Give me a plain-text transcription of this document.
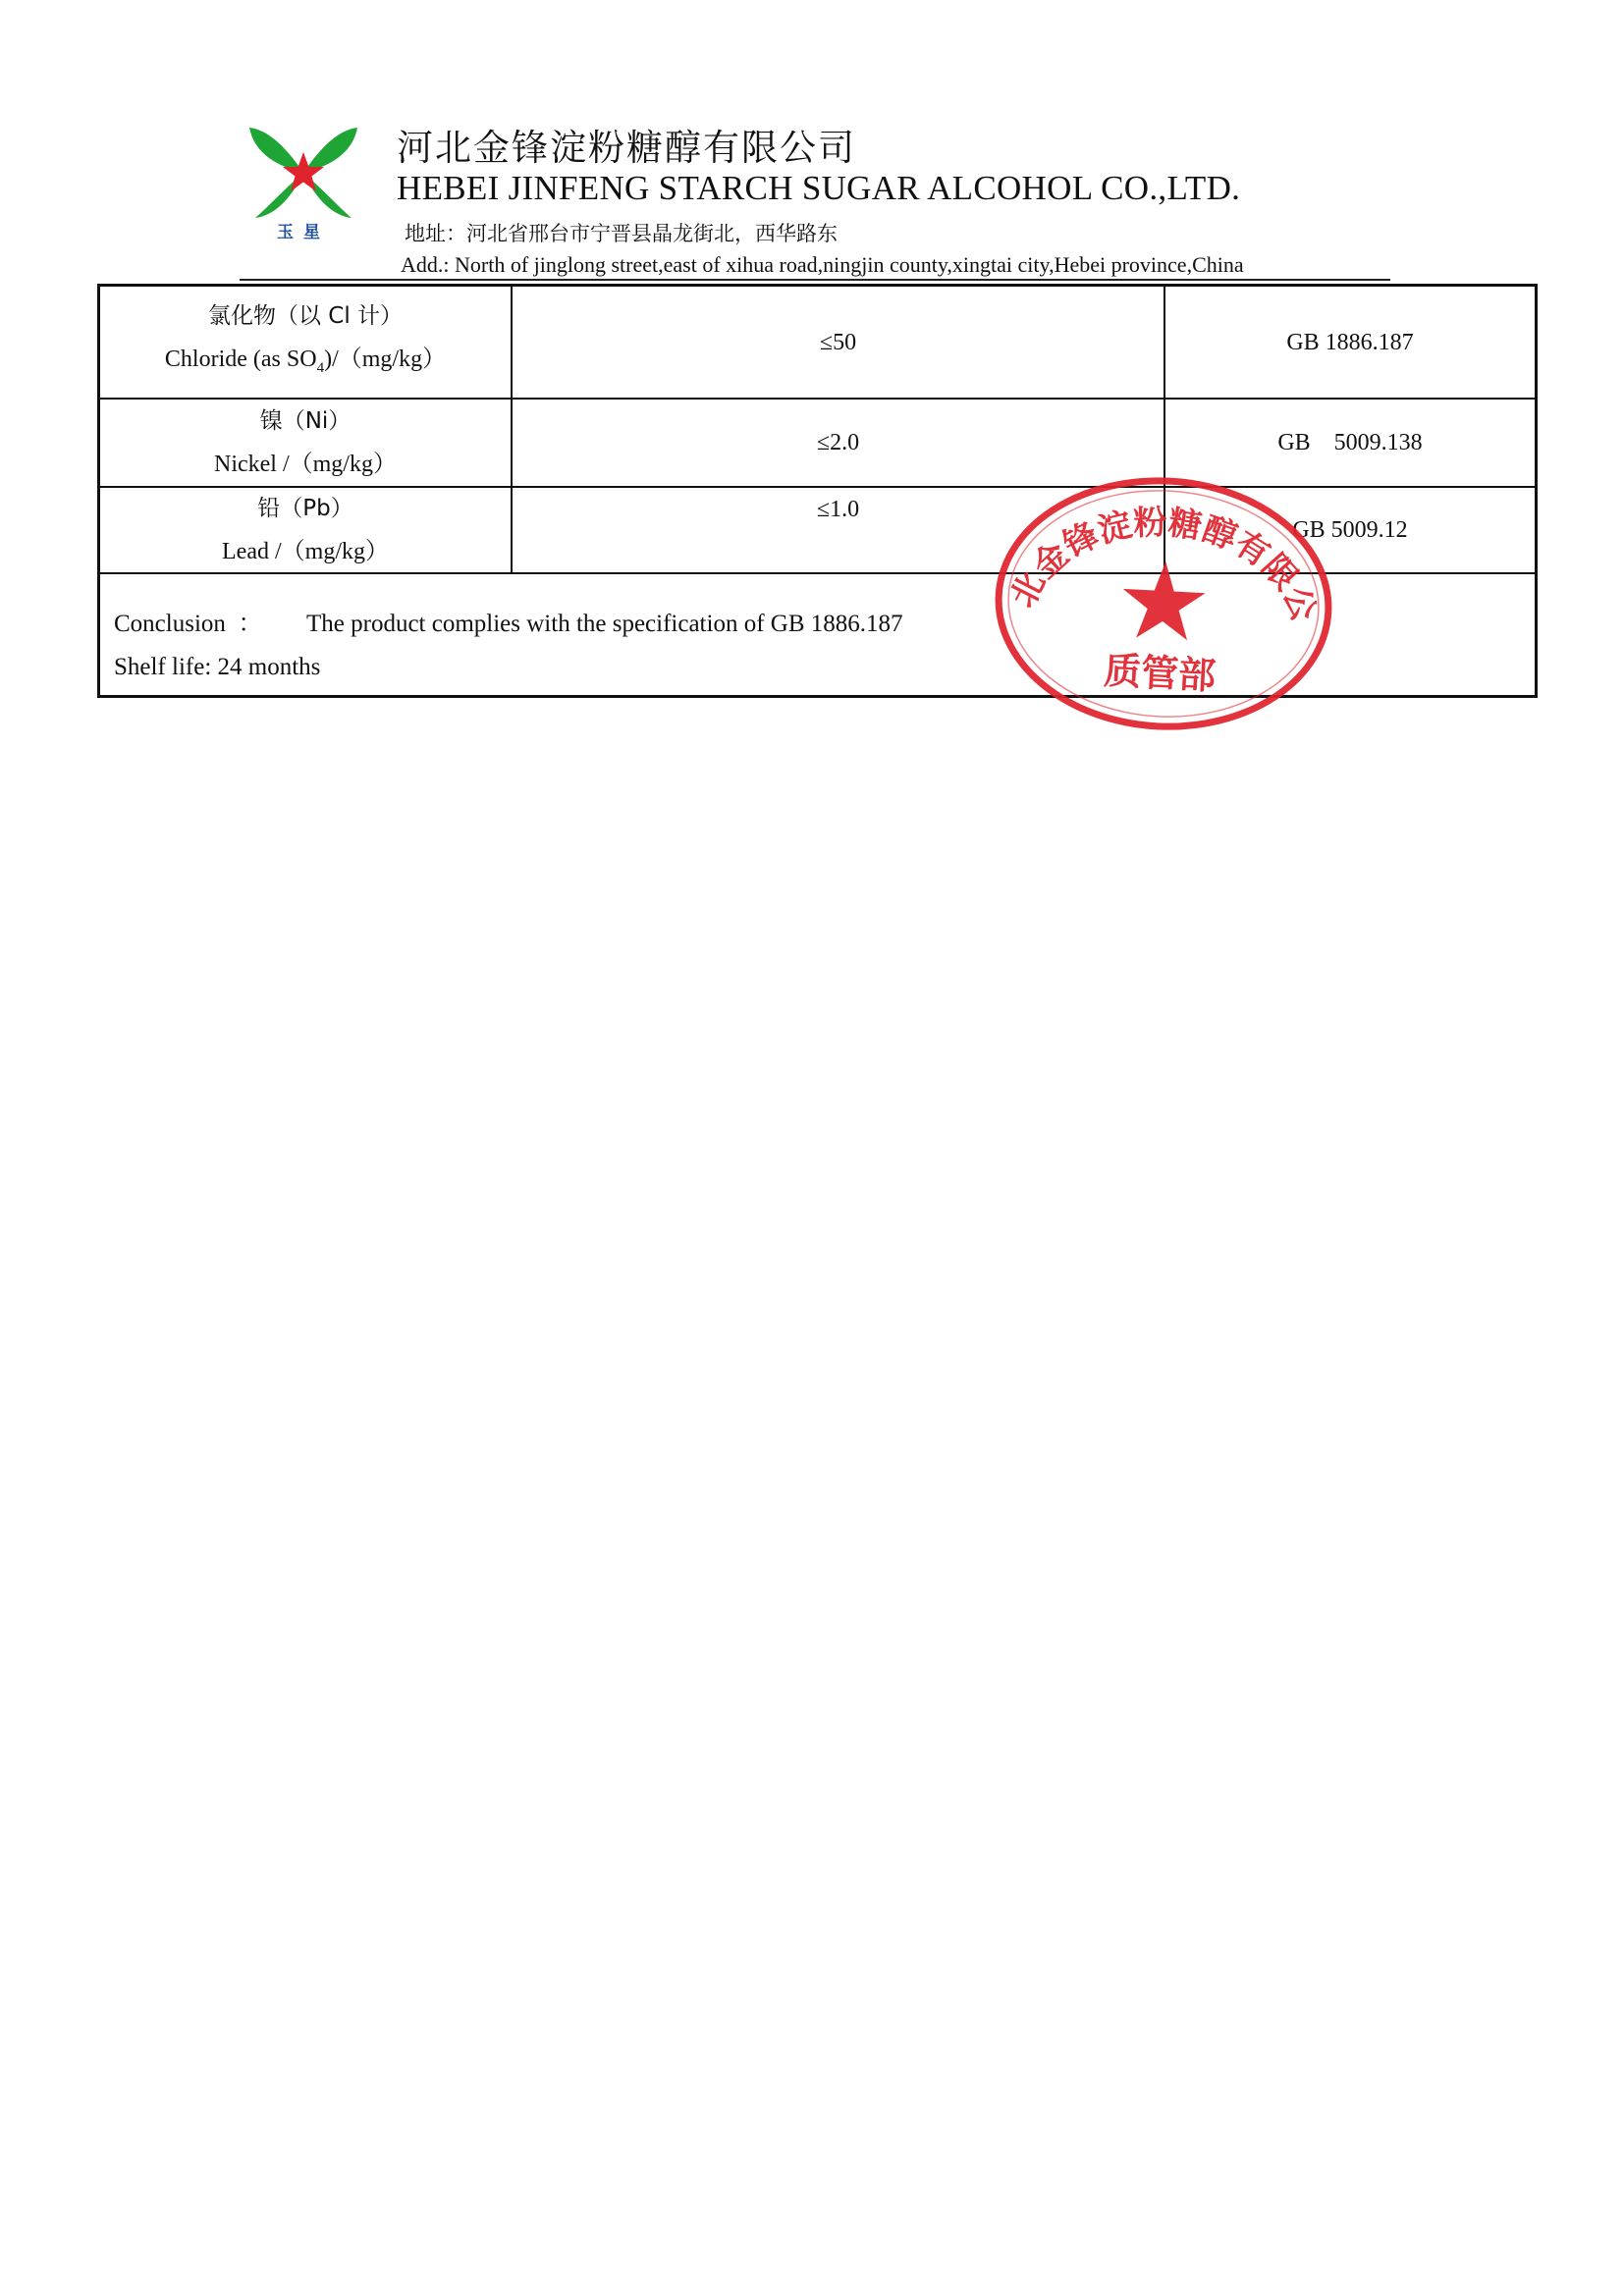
玉星
河北金锋淀粉糖醇有限公司
HEBEI JINFENG STARCH SUGAR ALCOHOL CO.,LTD.
地址：河北省邢台市宁晋县晶龙街北，西华路东
Add.: North of jinglong street,east of xihua road,ningjin county,xingtai city,Hebei province,China
氯化物（以 Cl 计）
Chloride (as $SO_4)/(mg/kg)$
≤50	GB 1886.187
镍（Ni）
Nickel /（mg/kg）
≤2.0	GB    5009.138
铅（Pb）
Lead /（mg/kg）
≤1.0
GB 5009.12
Conclusion  ： The product complies with the specification of GB 1886.187
Shelf life: 24 months
河北金锋淀粉糖醇有限公司
质管部
